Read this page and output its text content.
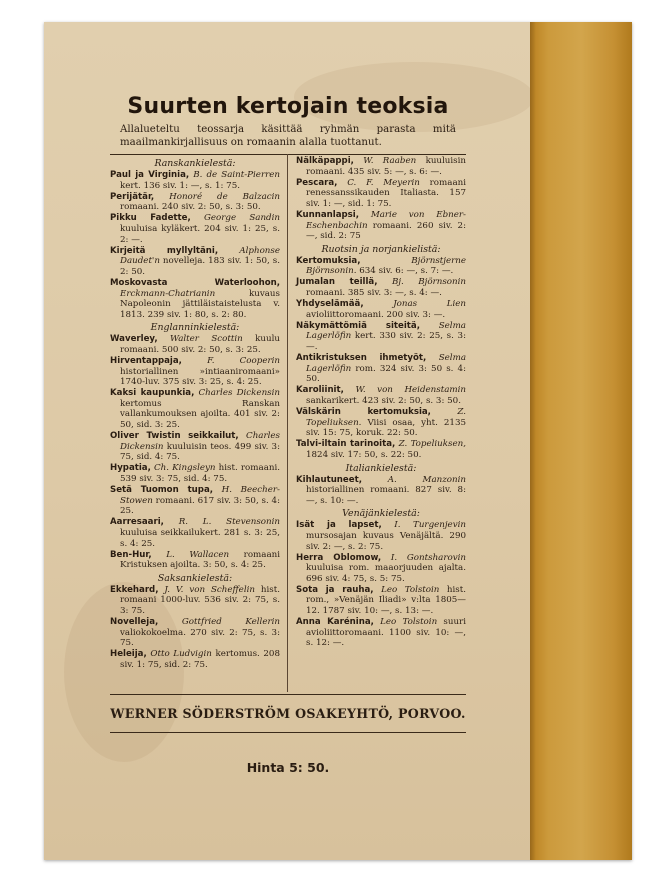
Suurten kertojain teoksia

Allalueteltu teossarja käsittää ryhmän parasta mitä maailmankirjallisuus on romaanin alalla tuottanut.

Ranskankielestä:

Paul ja Virginia, B. de Saint-Pierren kert. 136 siv. 1: —, s. 1: 75.

Perijätär, Honoré de Balzacin romaani. 240 siv. 2: 50, s. 3: 50.

Pikku Fadette, George Sandin kuuluisa kyläkert. 204 siv. 1: 25, s. 2: —.

Kirjeitä myllyltäni, Alphonse Daudet'n novelleja. 183 siv. 1: 50, s. 2: 50.

Moskovasta Waterloohon, Erckmann-Chatrianin	kuvaus Napoleonin jättiläistaistelusta v. 1813. 239 siv. 1: 80, s. 2: 80.

Englanninkielestä:

Waverley, Walter Scottin kuulu romaani. 500 siv. 2: 50, s. 3: 25.

Hirventappaja,	F. Cooperin historiallinen »intiaaniromaani» 1740-luv. 375 siv. 3: 25, s. 4: 25.

Kaksi kaupunkia, Charles Dickensin kertomus Ranskan vallankumouksen ajoilta. 401 siv. 2: 50, sid. 3: 25.

Oliver Twistin seikkailut, Charles Dickensin kuuluisin teos. 499 siv. 3: 75, sid. 4: 75.

Hypatia, Ch. Kingsleyn hist. romaani. 539 siv. 3: 75, sid. 4: 75.

Setä Tuomon tupa, H. Beecher-Stowen romaani. 617 siv. 3: 50, s. 4: 25.

Aarresaari, R. L. Stevensonin kuuluisa seikkailukert. 281 s. 3: 25, s. 4: 25.

Ben-Hur, L. Wallacen romaani Kristuksen ajoilta. 3: 50, s. 4: 25.

Saksankielestä:

Ekkehard, J. V. von Scheffelin hist. romaani 1000-luv. 536 siv. 2: 75, s. 3: 75.

Novelleja,	Gottfried Kellerin valiokokoelma. 270 siv. 2: 75, s. 3: 75.

Heleija, Otto Ludvigin kertomus. 208 siv. 1: 75, sid. 2: 75.

Nälkäpappi, W. Raaben kuuluisin romaani. 435 siv. 5: —, s. 6: —.

Pescara, C. F. Meyerin romaani renessanssikauden Italiasta. 157 siv. 1: —, sid. 1: 75.

Kunnanlapsi, Marie von Ebner-Eschenbachin romaani. 260 siv. 2: —, sid. 2: 75

Ruotsin ja norjankielistä:

Kertomuksia,	Björnstjerne Björnsonin. 634 siv. 6: —, s. 7: —.

Jumalan teillä, Bj. Björnsonin romaani. 385 siv. 3: —, s. 4: —.

Yhdyselämää,	Jonas Lien avioliittoromaani. 200 siv. 3: —.

Näkymättömiä siteitä, Selma Lagerlöfin kert. 330 siv. 2: 25, s. 3: —.

Antikristuksen ihmetyöt, Selma Lagerlöfin rom. 324 siv. 3: 50 s. 4: 50.

Karoliinit, W. von Heidenstamin sankarikert. 423 siv. 2: 50, s. 3: 50.

Välskärin kertomuksia,	Z. Topeliuksen. Viisi osaa, yht. 2135 siv. 15: 75, koruk. 22: 50.

Talvi-iltain tarinoita, Z. Topeliuksen, 1824 siv. 17: 50, s. 22: 50.

Italiankielestä:

Kihlautuneet,	A. Manzonin historiallinen romaani. 827 siv. 8: —, s. 10: —.

Venäjänkielestä:

Isät ja lapset, I. Turgenjevin mursosajan kuvaus Venäjältä. 290 siv. 2: —, s. 2: 75.

Herra Oblomow, I. Gontsharovin kuuluisa rom. maaorjuuden ajalta. 696 siv. 4: 75, s. 5: 75.

Sota ja rauha, Leo Tolstoin hist. rom., »Venäjän Iliadi» v:lta 1805—12. 1787 siv. 10: —, s. 13: —.

Anna Karénina, Leo Tolstoin suuri avioliittoromaani. 1100 siv. 10: —, s. 12: —.

WERNER SÖDERSTRÖM OSAKEYHTÖ, PORVOO.
Hinta 5: 50.
